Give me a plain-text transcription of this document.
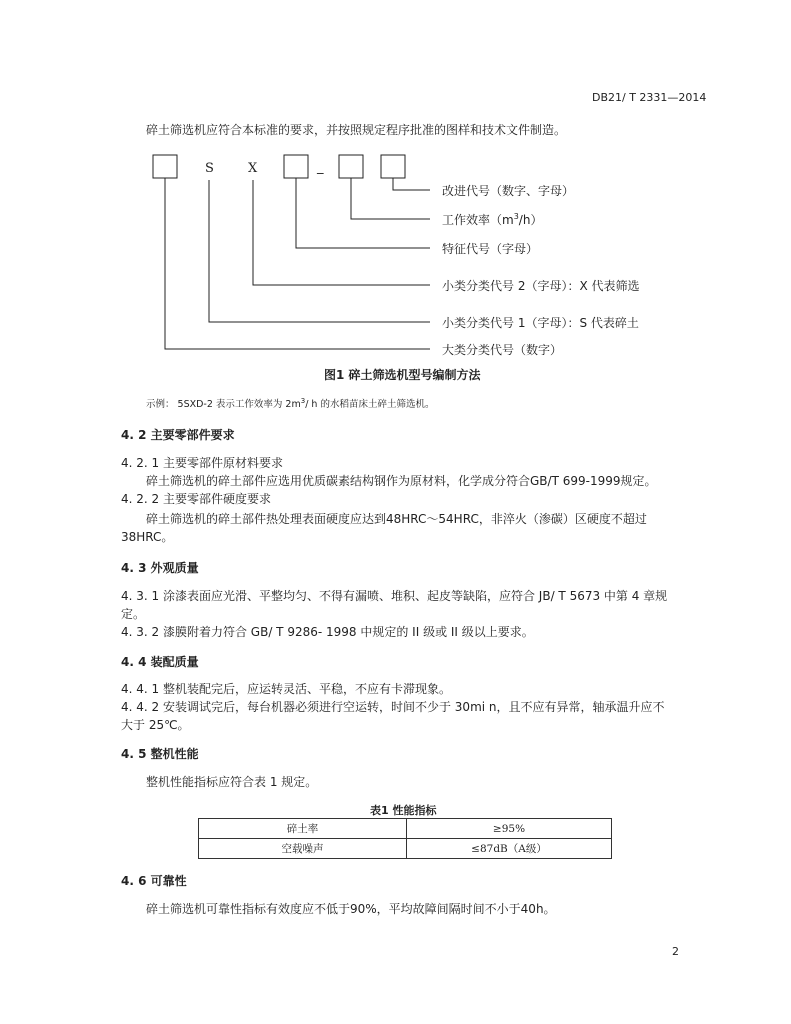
DB21/ T 2331—2014
碎土筛选机应符合本标准的要求，并按照规定程序批准的图样和技术文件制造。
S	X	_
改进代号（数字、字母）
工作效率$(m^3/h)$
特征代号（字母）
小类分类代号 2（字母）：X 代表筛选
小类分类代号 1（字母）：S 代表碎土
大类分类代号（数字）
图1 碎土筛选机型号编制方法
示例： 5SXD-2 表示工作效率为 $2m^3/$ h 的水稻苗床土碎土筛选机。
4. 2 主要零部件要求
4. 2. 1 主要零部件原材料要求
碎土筛选机的碎土部件应选用优质碳素结构钢作为原材料，化学成分符合GB/T 699-1999规定。
4. 2. 2 主要零部件硬度要求
碎土筛选机的碎土部件热处理表面硬度应达到48HRC～54HRC，非淬火（渗碳）区硬度不超过
38HRC。
4. 3 外观质量
4. 3. 1 涂漆表面应光滑、平整均匀、不得有漏喷、堆积、起皮等缺陷，应符合 JB/ T 5673 中第 4 章规
定。
4. 3. 2 漆膜附着力符合 GB/ T 9286- 1998 中规定的 II 级或 II 级以上要求。
4. 4 装配质量
4. 4. 1 整机装配完后，应运转灵活、平稳，不应有卡滞现象。
4. 4. 2 安装调试完后，每台机器必须进行空运转，时间不少于 30mi n，且不应有异常，轴承温升应不
大于 25℃。
4. 5 整机性能
整机性能指标应符合表 1 规定。
表1 性能指标
碎土率	≥95%
空载噪声	≤87dB（A级）
4. 6 可靠性
碎土筛选机可靠性指标有效度应不低于90%，平均故障间隔时间不小于40h。
2
